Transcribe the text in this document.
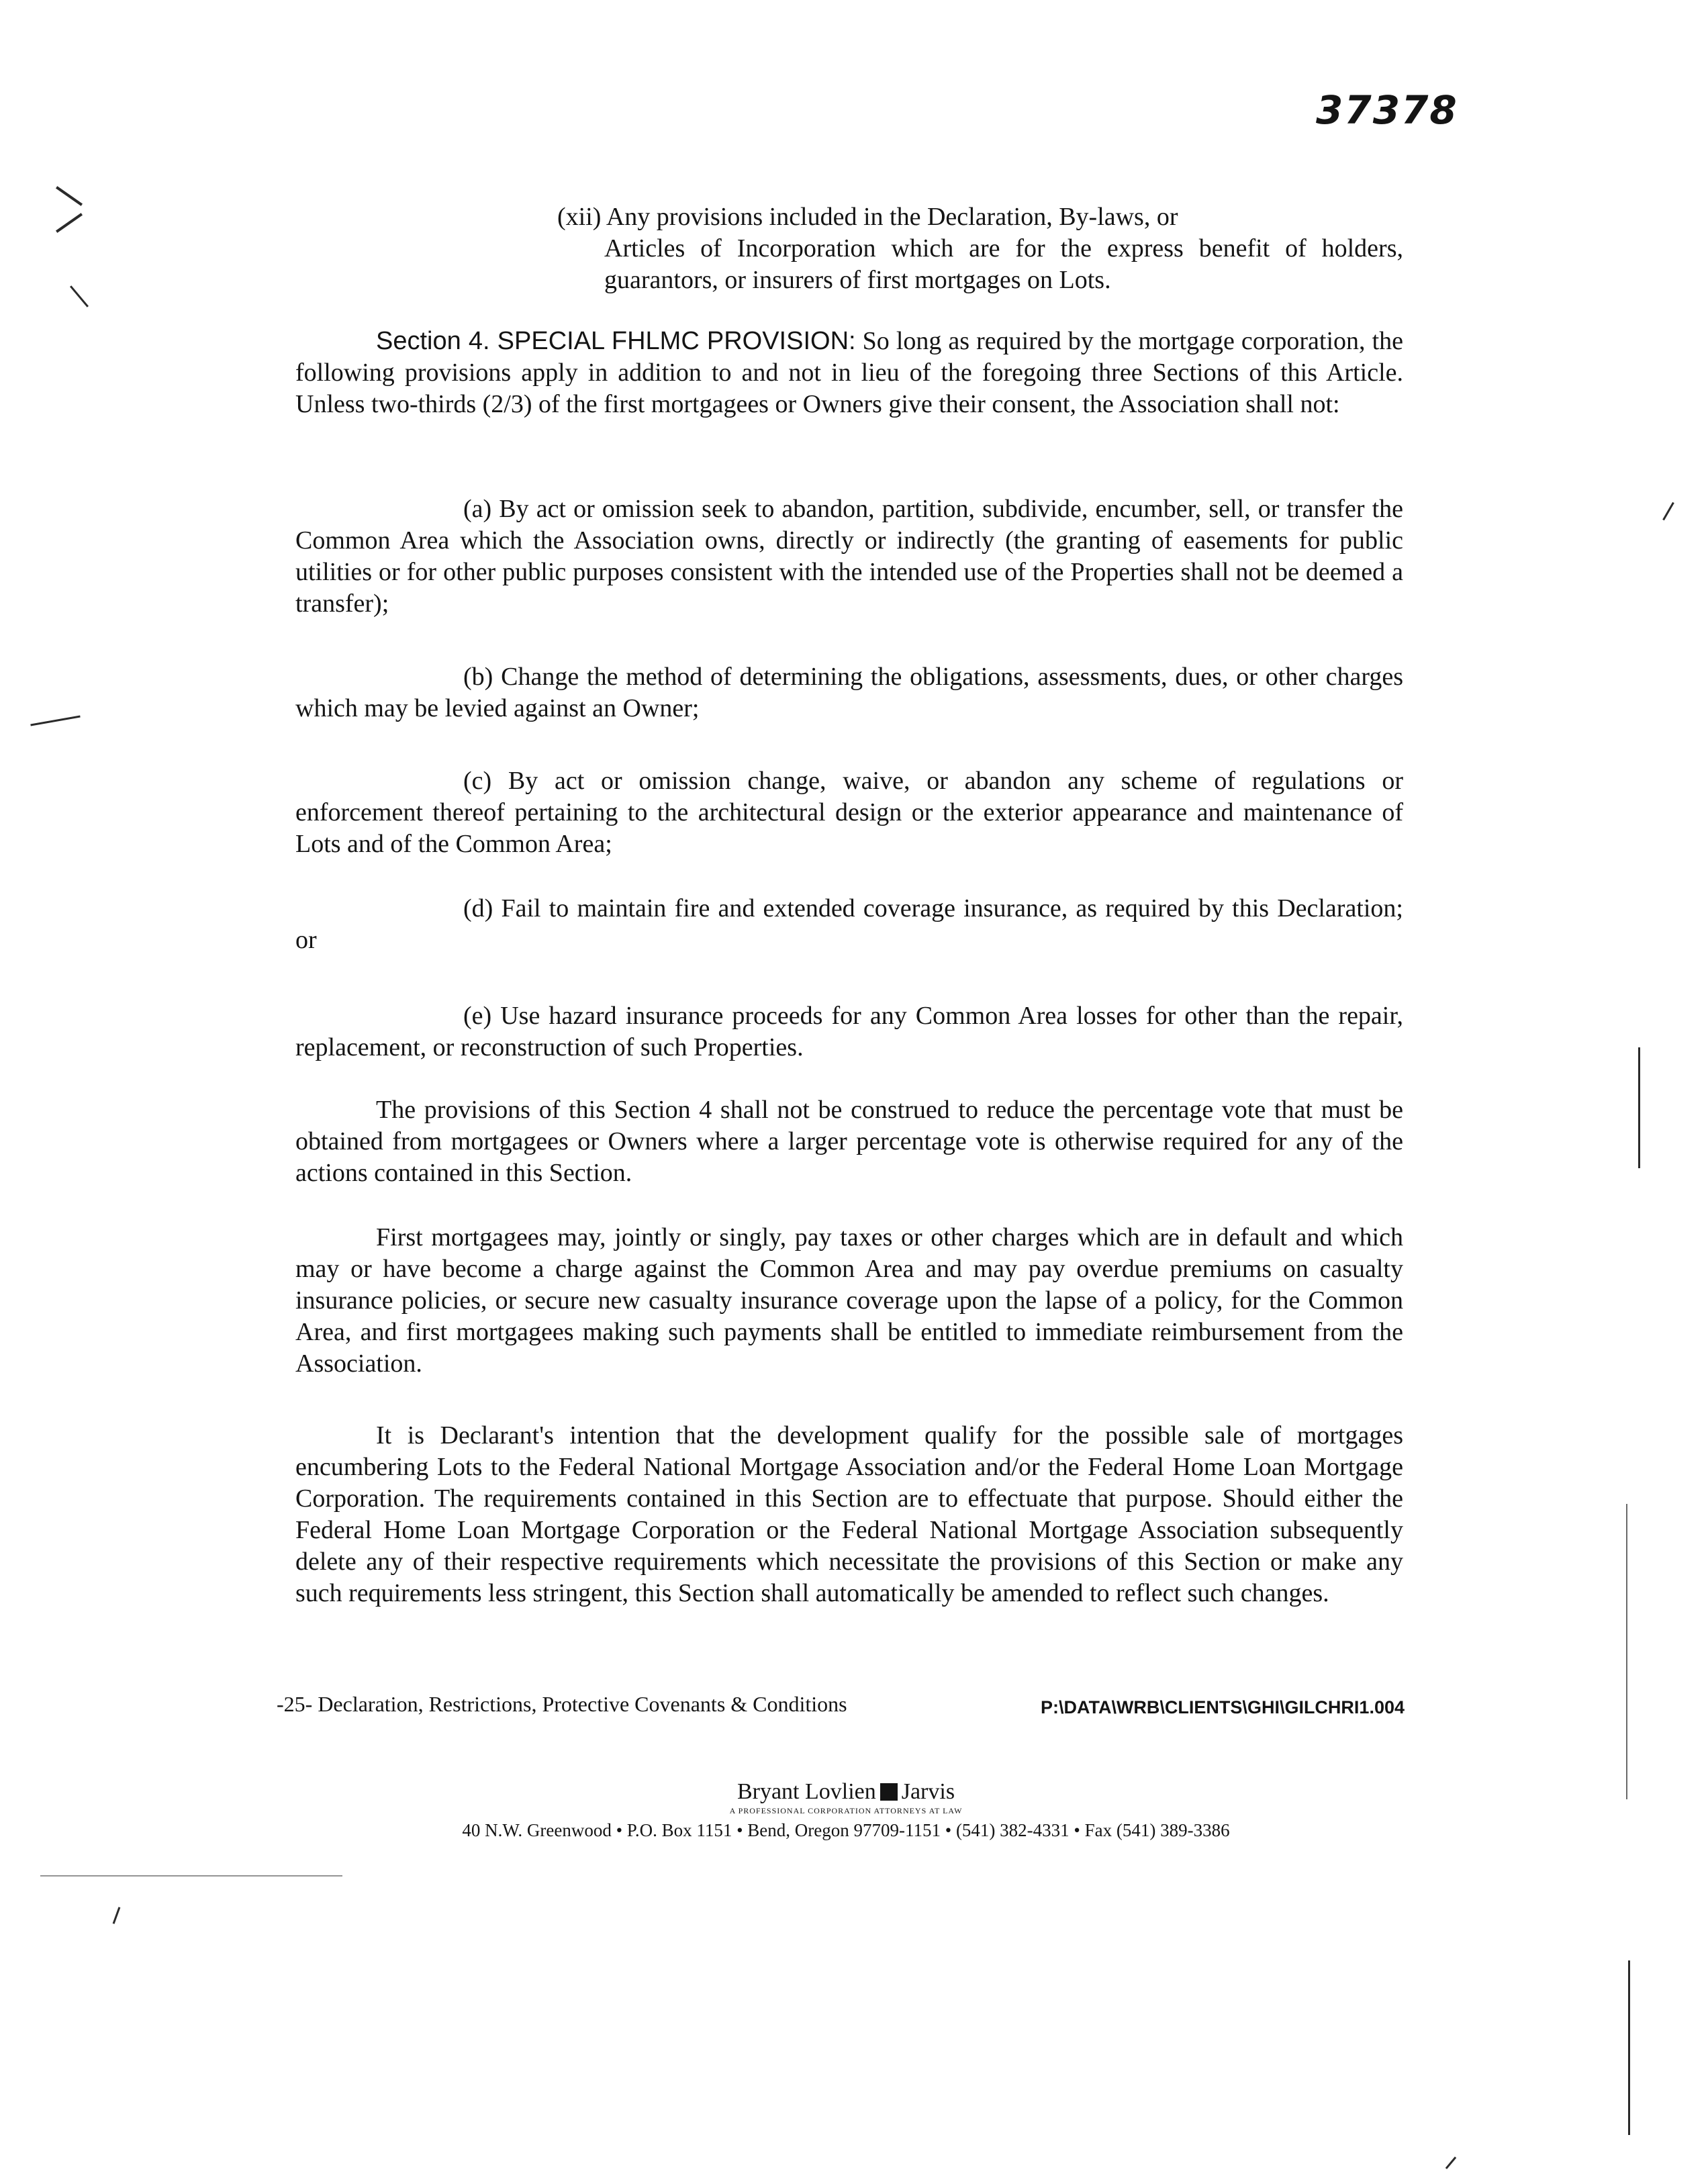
37378

(xii) Any provisions included in the Declaration, By-laws, or
Articles of Incorporation which are for the express benefit of holders, guarantors, or insurers of first mortgages on Lots.

Section 4. SPECIAL FHLMC PROVISION: So long as required by the mortgage corporation, the following provisions apply in addition to and not in lieu of the foregoing three Sections of this Article. Unless two-thirds (2/3) of the first mortgagees or Owners give their consent, the Association shall not:

(a) By act or omission seek to abandon, partition, subdivide, encumber, sell, or transfer the Common Area which the Association owns, directly or indirectly (the granting of easements for public utilities or for other public purposes consistent with the intended use of the Properties shall not be deemed a transfer);

(b) Change the method of determining the obligations, assessments, dues, or other charges which may be levied against an Owner;

(c) By act or omission change, waive, or abandon any scheme of regulations or enforcement thereof pertaining to the architectural design or the exterior appearance and maintenance of Lots and of the Common Area;

(d) Fail to maintain fire and extended coverage insurance, as required by this Declaration; or

(e) Use hazard insurance proceeds for any Common Area losses for other than the repair, replacement, or reconstruction of such Properties.

The provisions of this Section 4 shall not be construed to reduce the percentage vote that must be obtained from mortgagees or Owners where a larger percentage vote is otherwise required for any of the actions contained in this Section.

First mortgagees may, jointly or singly, pay taxes or other charges which are in default and which may or have become a charge against the Common Area and may pay overdue premiums on casualty insurance policies, or secure new casualty insurance coverage upon the lapse of a policy, for the Common Area, and first mortgagees making such payments shall be entitled to immediate reimbursement from the Association.

It is Declarant's intention that the development qualify for the possible sale of mortgages encumbering Lots to the Federal National Mortgage Association and/or the Federal Home Loan Mortgage Corporation. The requirements contained in this Section are to effectuate that purpose. Should either the Federal Home Loan Mortgage Corporation or the Federal National Mortgage Association subsequently delete any of their respective requirements which necessitate the provisions of this Section or make any such requirements less stringent, this Section shall automatically be amended to reflect such changes.

-25- Declaration, Restrictions, Protective Covenants & Conditions	P:\DATA\WRB\CLIENTS\GHI\GILCHRI1.004
Bryant Lovlien Jarvis
A PROFESSIONAL CORPORATION ATTORNEYS AT LAW
40 N.W. Greenwood • P.O. Box 1151 • Bend, Oregon 97709-1151 • (541) 382-4331 • Fax (541) 389-3386
